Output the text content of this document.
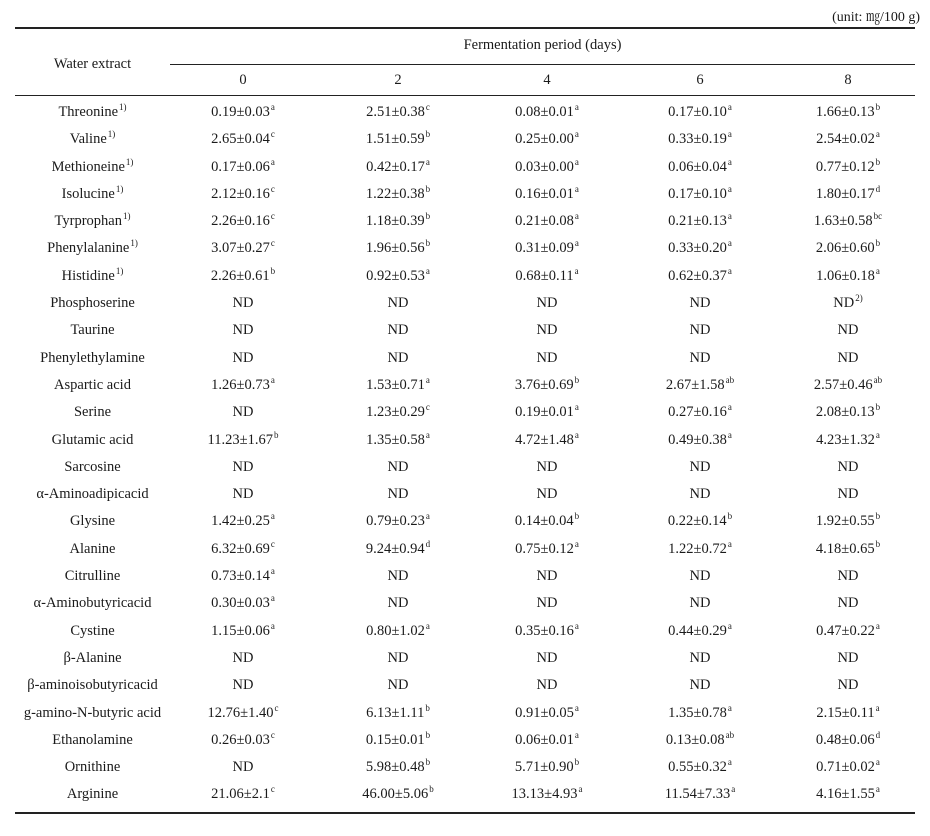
(unit: ㎎/100 g)
Water extract
Fermentation period (days)
0	2	4	6	8
Threonine$^{1)}$	0.19±0.03$^a$	2.51±0.38$^c$	0.08±0.01$^a$	0.17±0.10$^a$	1.66±0.13$^b$
Valine$^{1)}$	2.65±0.04$^c$	1.51±0.59$^b$	0.25±0.00$^a$	0.33±0.19$^a$	2.54±0.02$^a$
Methioneine$^{1)}$	0.17±0.06$^a$	0.42±0.17$^a$	0.03±0.00$^a$	0.06±0.04$^a$	0.77±0.12$^b$
Isolucine$^{1)}$	2.12±0.16$^c$	1.22±0.38$^b$	0.16±0.01$^a$	0.17±0.10$^a$	1.80±0.17$^d$
Tyrprophan$^{1)}$	2.26±0.16$^c$	1.18±0.39$^b$	0.21±0.08$^a$	0.21±0.13$^a$	1.63±0.58$^{bc}$
Phenylalanine$^{1)}$	3.07±0.27$^c$	1.96±0.56$^b$	0.31±0.09$^a$	0.33±0.20$^a$	2.06±0.60$^b$
Histidine$^{1)}$	2.26±0.61$^b$	0.92±0.53$^a$	0.68±0.11$^a$	0.62±0.37$^a$	1.06±0.18$^a$
Phosphoserine	ND	ND	ND	ND	ND$^{2)}$
Taurine	ND	ND	ND	ND	ND
Phenylethylamine	ND	ND	ND	ND	ND
Aspartic acid	1.26±0.73$^a$	1.53±0.71$^a$	3.76±0.69$^b$	2.67±1.58$^{ab}$	2.57±0.46$^{ab}$
Serine	ND	1.23±0.29$^c$	0.19±0.01$^a$	0.27±0.16$^a$	2.08±0.13$^b$
Glutamic acid	11.23±1.67$^b$	1.35±0.58$^a$	4.72±1.48$^a$	0.49±0.38$^a$	4.23±1.32$^a$
Sarcosine	ND	ND	ND	ND	ND
α-Aminoadipicacid	ND	ND	ND	ND	ND
Glysine	1.42±0.25$^a$	0.79±0.23$^a$	0.14±0.04$^b$	0.22±0.14$^b$	1.92±0.55$^b$
Alanine	6.32±0.69$^c$	9.24±0.94$^d$	0.75±0.12$^a$	1.22±0.72$^a$	4.18±0.65$^b$
Citrulline	0.73±0.14$^a$	ND	ND	ND	ND
α-Aminobutyricacid	0.30±0.03$^a$	ND	ND	ND	ND
Cystine	1.15±0.06$^a$	0.80±1.02$^a$	0.35±0.16$^a$	0.44±0.29$^a$	0.47±0.22$^a$
β-Alanine	ND	ND	ND	ND	ND
β-aminoisobutyricacid	ND	ND	ND	ND	ND
g-amino-N-butyric acid	12.76±1.40$^c$	6.13±1.11$^b$	0.91±0.05$^a$	1.35±0.78$^a$	2.15±0.11$^a$
Ethanolamine	0.26±0.03$^c$	0.15±0.01$^b$	0.06±0.01$^a$	0.13±0.08$^{ab}$	0.48±0.06$^d$
Ornithine	ND	5.98±0.48$^b$	5.71±0.90$^b$	0.55±0.32$^a$	0.71±0.02$^a$
Arginine	21.06±2.1$^c$	46.00±5.06$^b$	13.13±4.93$^a$	11.54±7.33$^a$	4.16±1.55$^a$
